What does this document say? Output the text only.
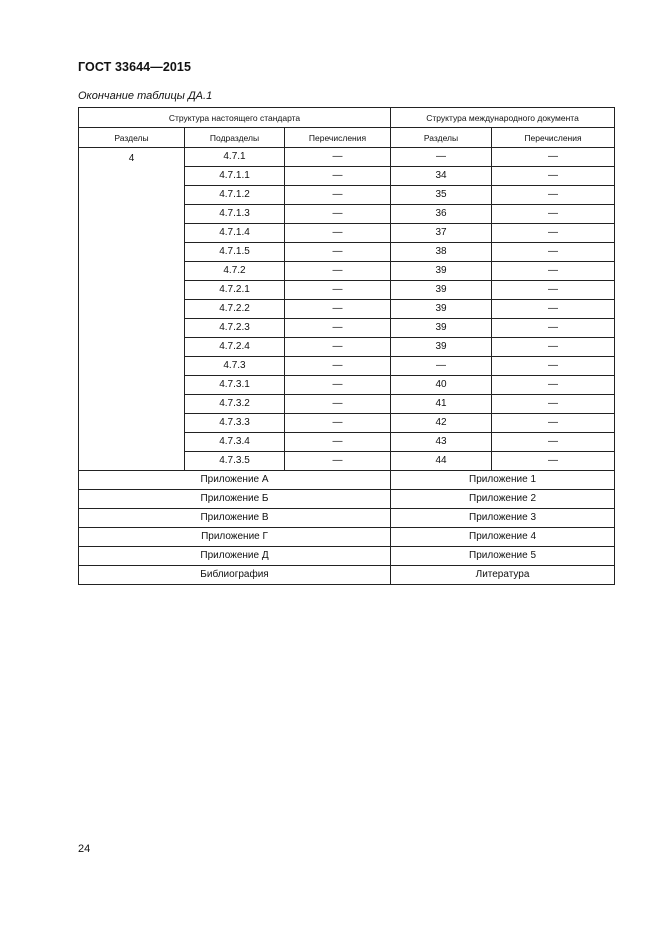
ГОСТ 33644—2015
Окончание таблицы ДА.1
Структура настоящего стандарта			Структура международного документа	
Разделы	Подразделы	Перечисления	Разделы	Перечисления
4	4.7.1	—	—	—
	4.7.1.1	—	34	—
	4.7.1.2	—	35	—
	4.7.1.3	—	36	—
	4.7.1.4	—	37	—
	4.7.1.5	—	38	—
	4.7.2	—	39	—
	4.7.2.1	—	39	—
	4.7.2.2	—	39	—
	4.7.2.3	—	39	—
	4.7.2.4	—	39	—
	4.7.3	—	—	—
	4.7.3.1	—	40	—
	4.7.3.2	—	41	—
	4.7.3.3	—	42	—
	4.7.3.4	—	43	—
	4.7.3.5	—	44	—
Приложение А			Приложение 1	
Приложение Б			Приложение 2	
Приложение В			Приложение 3	
Приложение Г			Приложение 4	
Приложение Д			Приложение 5	
Библиография			Литература	
24
